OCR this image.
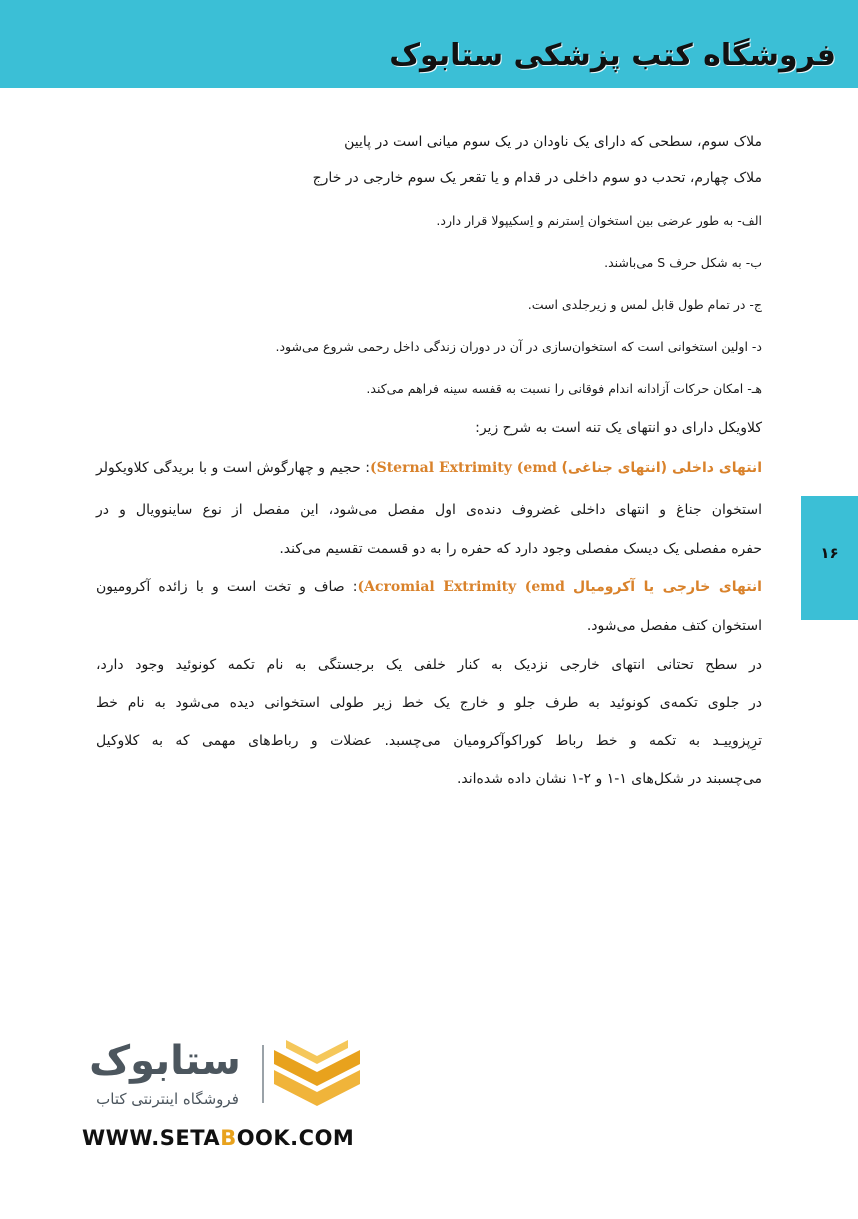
فروشگاه کتب پزشکی ستابوک
۱۶
ملاک سوم، سطحی که دارای یک ناودان در یک سوم میانی است در پایین
ملاک چهارم، تحدب دو سوم داخلی در قدام و یا تقعر یک سوم خارجی در خارج
الف- به طور عرضی بین استخوان اِسترنم و اِسکیپولا قرار دارد.
ب- به شکل حرف S می‌باشند.
ج- در تمام طول قابل لمس و زیرجلدی است.
د- اولین استخوانی است که استخوان‌سازی در آن در دوران زندگی داخل رحمی شروع می‌شود.
هـ- امکان حرکات آزادانه اندام فوقانی را نسبت به قفسه سینه فراهم می‌کند.
کلاویکل دارای دو انتهای یک تنه است به شرح زیر:
انتهای داخلی (انتهای جناغی) (Sternal Extrimity (emd: حجیم و چهارگوش است و با بریدگی کلاویکولر
استخوان جناغ و انتهای داخلی غضروف دنده‌ی اول مفصل می‌شود، این مفصل از نوع ساینوویال و در
حفره مفصلی یک دیسک مفصلی وجود دارد که حفره را به دو قسمت تقسیم می‌کند.
انتهای خارجی یا آکرومیال (Acromial Extrimity (emd: صاف و تخت است و با زائده آکرومیون
استخوان کتف مفصل می‌شود.
در سطح تحتانی انتهای خارجی نزدیک به کنار خلفی یک برجستگی به نام تکمه کونوئید وجود دارد،
در جلوی تکمه‌ی کونوئید به طرف جلو و خارج یک خط زیر طولی استخوانی دیده می‌شود به نام خط
ترِپزوییـد به تکمه و خط رباط کوراکوآکرومیان می‌چسبد. عضلات و رباط‌های مهمی که به کلاوکیل
می‌چسبند در شکل‌های ۱-۱ و ۲-۱ نشان داده شده‌اند.
ستابوک
فروشگاه اینترنتی کتاب
WWW.SETABOOK.COM
